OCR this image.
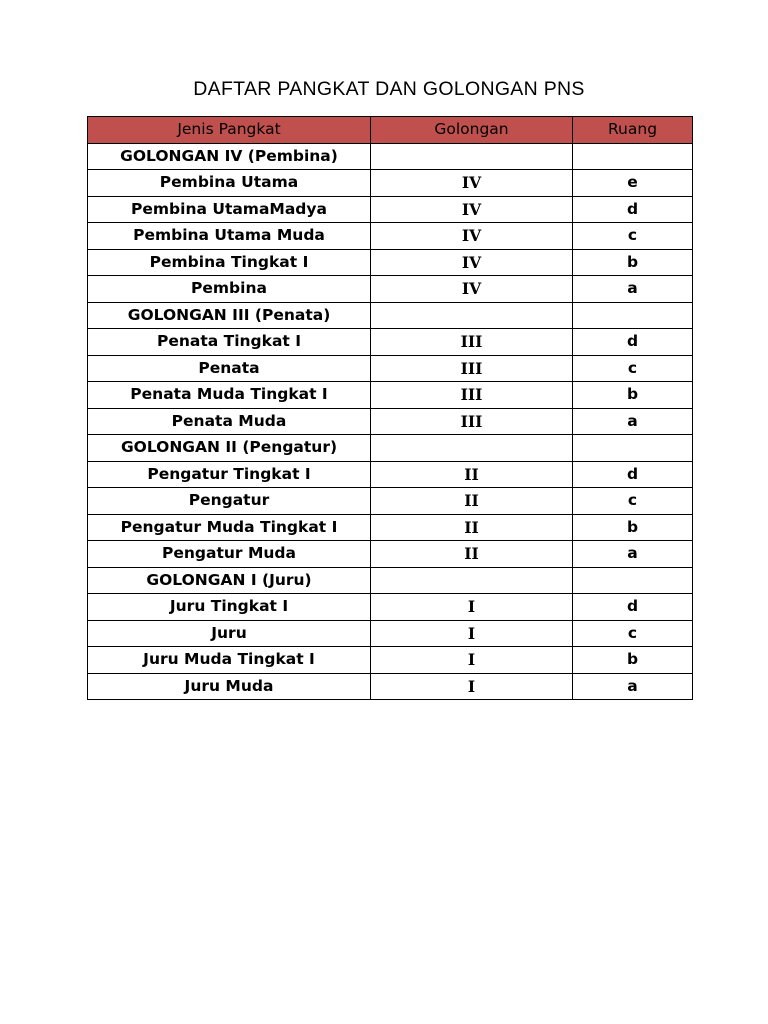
DAFTAR PANGKAT DAN GOLONGAN PNS
Jenis Pangkat	Golongan	Ruang
GOLONGAN IV (Pembina)		
Pembina Utama	IV	e
Pembina UtamaMadya	IV	d
Pembina Utama Muda	IV	c
Pembina Tingkat I	IV	b
Pembina	IV	a
GOLONGAN III (Penata)		
Penata Tingkat I	III	d
Penata	III	c
Penata Muda Tingkat I	III	b
Penata Muda	III	a
GOLONGAN II (Pengatur)		
Pengatur Tingkat I	II	d
Pengatur	II	c
Pengatur Muda Tingkat I	II	b
Pengatur Muda	II	a
GOLONGAN I (Juru)		
Juru Tingkat I	I	d
Juru	I	c
Juru Muda Tingkat I	I	b
Juru Muda	I	a
